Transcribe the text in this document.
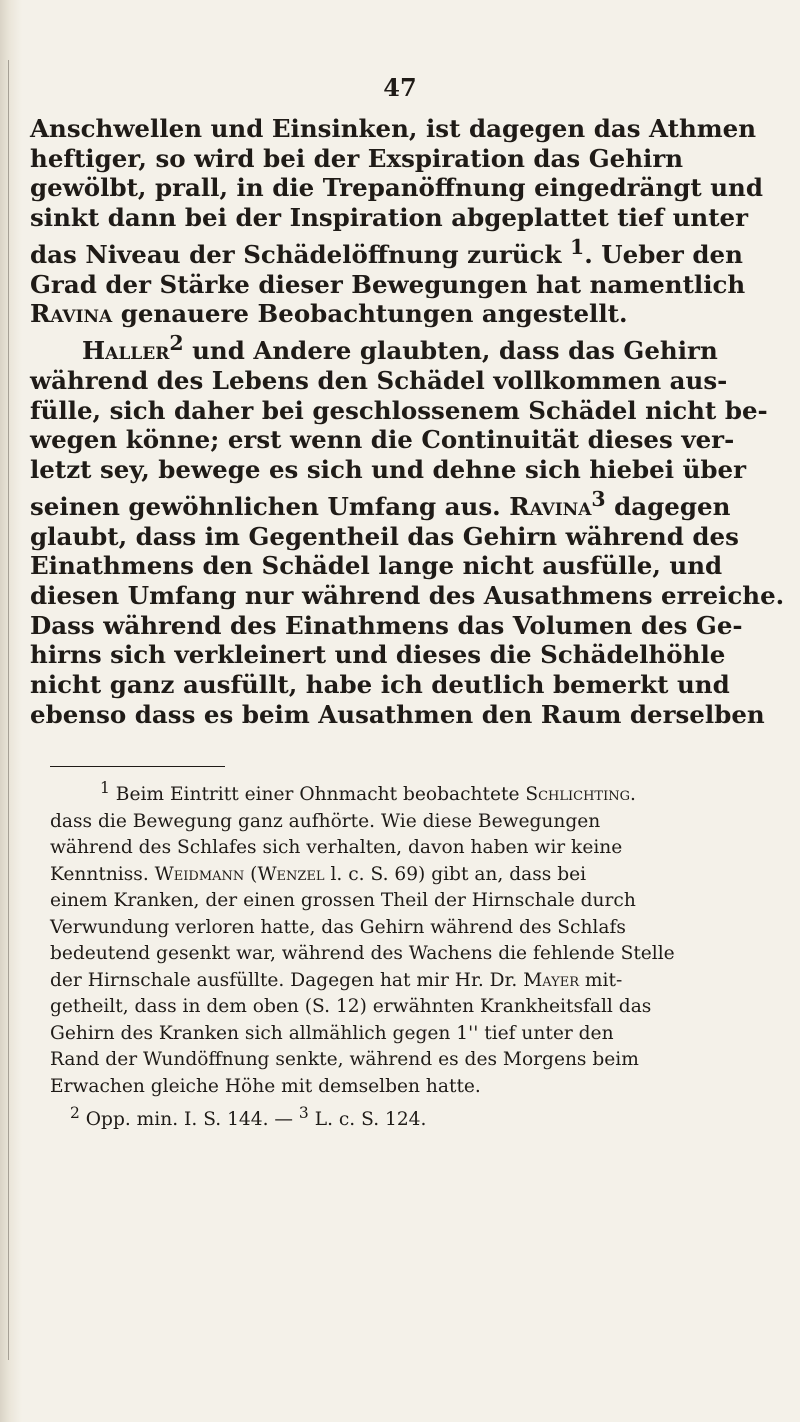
47
Anschwellen und Einsinken, ist dagegen das Athmen
heftiger, so wird bei der Exspiration das Gehirn
gewölbt, prall, in die Trepanöffnung eingedrängt und
sinkt dann bei der Inspiration abgeplattet tief unter
das Niveau der Schädelöffnung zurück $^1$. Ueber den
Grad der Stärke dieser Bewegungen hat namentlich
Ravina genauere Beobachtungen angestellt.
Haller$^2$ und Andere glaubten, dass das Gehirn
während des Lebens den Schädel vollkommen aus-
fülle, sich daher bei geschlossenem Schädel nicht be-
wegen könne; erst wenn die Continuität dieses ver-
letzt sey, bewege es sich und dehne sich hiebei über
seinen gewöhnlichen Umfang aus. Ravina$^3$ dagegen
glaubt, dass im Gegentheil das Gehirn während des
Einathmens den Schädel lange nicht ausfülle, und
diesen Umfang nur während des Ausathmens erreiche.
Dass während des Einathmens das Volumen des Ge-
hirns sich verkleinert und dieses die Schädelhöhle
nicht ganz ausfüllt, habe ich deutlich bemerkt und
ebenso dass es beim Ausathmen den Raum derselben
$^1$ Beim Eintritt einer Ohnmacht beobachtete Schlichting.
dass die Bewegung ganz aufhörte. Wie diese Bewegungen
während des Schlafes sich verhalten, davon haben wir keine
Kenntniss. Weidmann (Wenzel l. c. S. 69) gibt an, dass bei
einem Kranken, der einen grossen Theil der Hirnschale durch
Verwundung verloren hatte, das Gehirn während des Schlafs
bedeutend gesenkt war, während des Wachens die fehlende Stelle
der Hirnschale ausfüllte. Dagegen hat mir Hr. Dr. Mayer mit-
getheilt, dass in dem oben (S. 12) erwähnten Krankheitsfall das
Gehirn des Kranken sich allmählich gegen 1'' tief unter den
Rand der Wundöffnung senkte, während es des Morgens beim
Erwachen gleiche Höhe mit demselben hatte.
$^2$ Opp. min. I. S. 144. — $^3$ L. c. S. 124.
